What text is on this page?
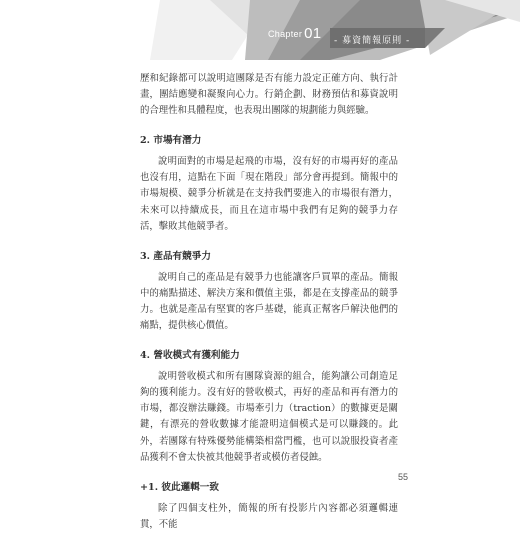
Chapter 01 - 募資簡報原則 -

歷和紀錄都可以說明這團隊是否有能力設定正確方向、執行計畫，團結應變和凝聚向心力。行銷企劃、財務預估和募資說明的合理性和具體程度，也表現出團隊的規劃能力與經驗。

2. 市場有潛力

說明面對的市場是起飛的市場，沒有好的市場再好的產品也沒有用，這點在下面「現在階段」部分會再提到。簡報中的市場規模、競爭分析就是在支持我們要進入的市場很有潛力，未來可以持續成長，而且在這市場中我們有足夠的競爭力存活，擊敗其他競爭者。

3. 產品有競爭力

說明自己的產品是有競爭力也能讓客戶買單的產品。簡報中的痛點描述、解決方案和價值主張，都是在支撐產品的競爭力。也就是產品有堅實的客戶基礎，能真正幫客戶解決他們的痛點，提供核心價值。

4. 營收模式有獲利能力

說明營收模式和所有團隊資源的組合，能夠讓公司創造足夠的獲利能力。沒有好的營收模式，再好的產品和再有潛力的市場，都沒辦法賺錢。市場牽引力（traction）的數據更是關鍵，有漂亮的營收數據才能證明這個模式是可以賺錢的。此外，若團隊有特殊優勢能構築相當門檻，也可以說服投資者產品獲利不會太快被其他競爭者或模仿者侵蝕。

+1. 彼此邏輯一致

除了四個支柱外，簡報的所有投影片內容都必須邏輯連貫，不能

55
